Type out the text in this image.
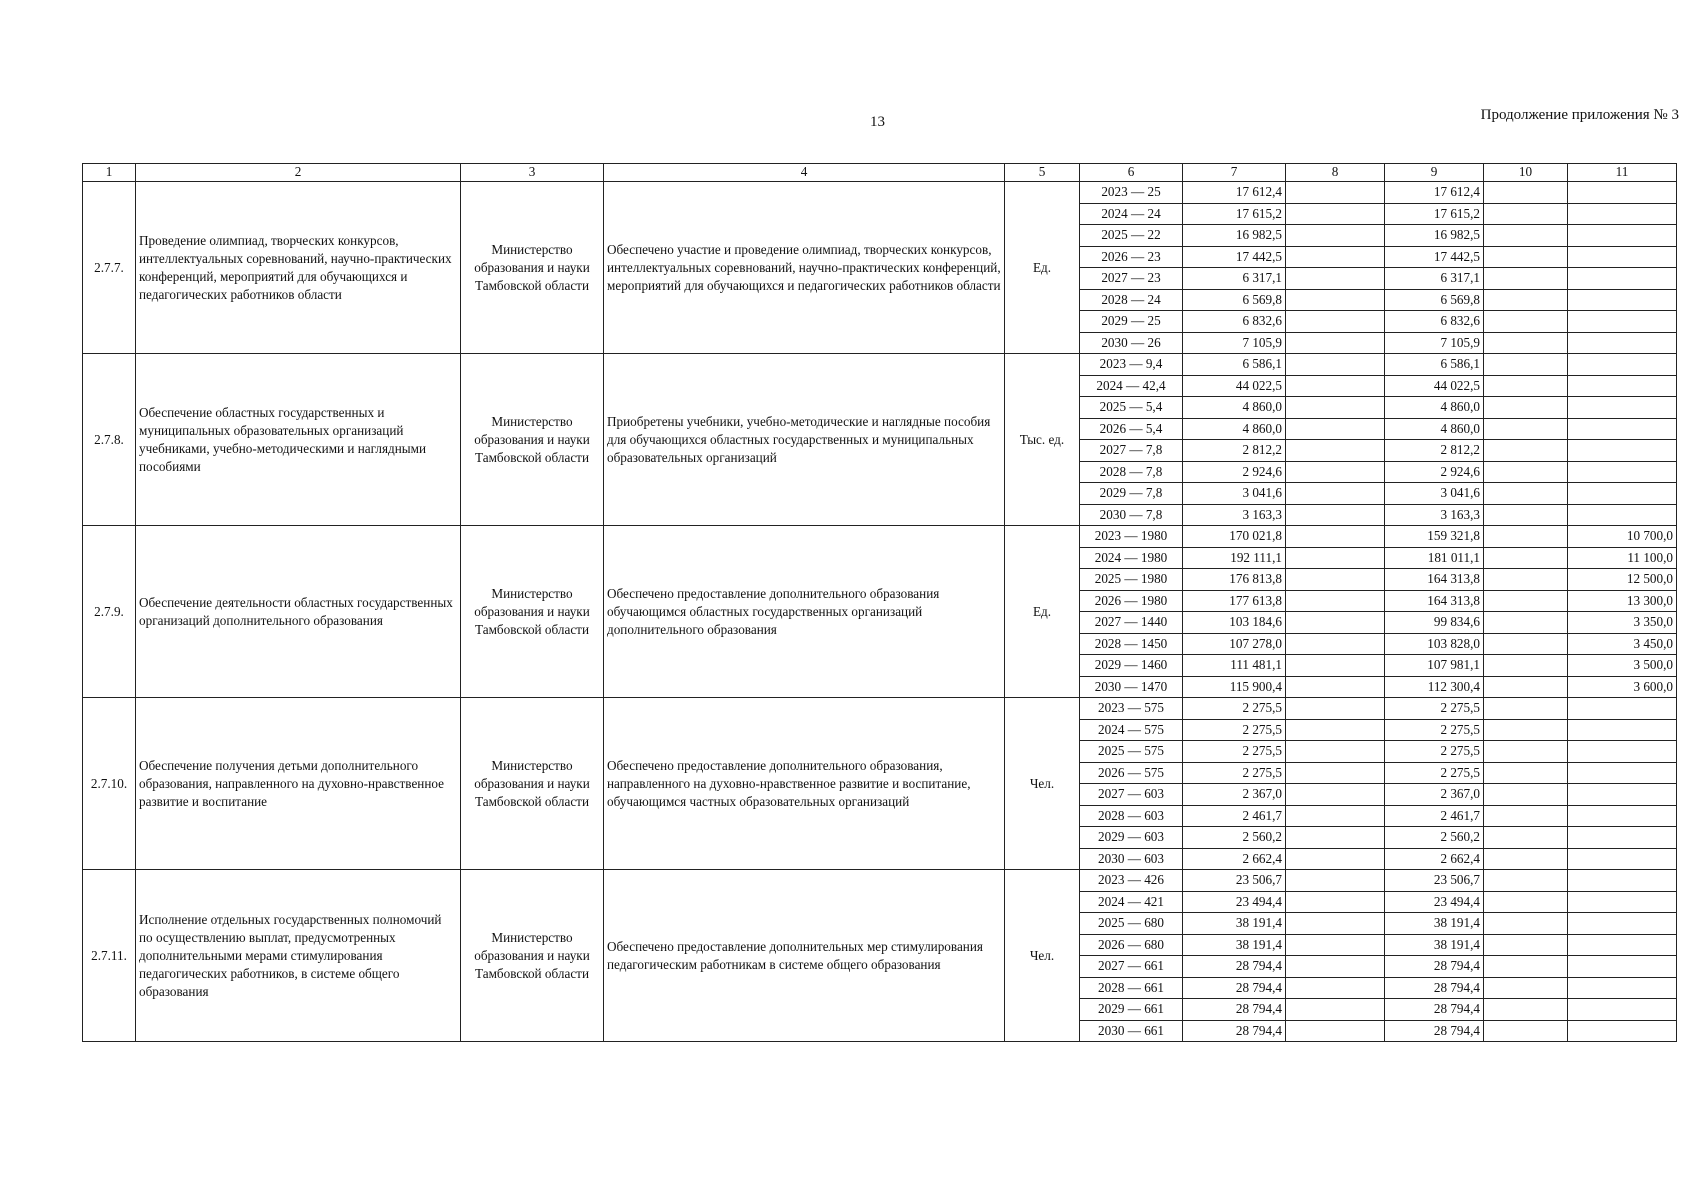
13	Продолжение приложения № 3
1	2	3	4	5	6	7	8	9	10	11
2.7.7.	Проведение олимпиад, творческих конкурсов, интеллектуальных соревнований, научно-практических конференций, мероприятий для обучающихся и педагогических работников области	Министерство образования и науки Тамбовской области	Обеспечено участие и проведение олимпиад, творческих конкурсов, интеллектуальных соревнований, научно-практических конференций, мероприятий для обучающихся и педагогических работников области	Ед.	2023 — 25	17 612,4		17 612,4		
					2024 — 24	17 615,2		17 615,2		
					2025 — 22	16 982,5		16 982,5		
					2026 — 23	17 442,5		17 442,5		
					2027 — 23	6 317,1		6 317,1		
					2028 — 24	6 569,8		6 569,8		
					2029 — 25	6 832,6		6 832,6		
					2030 — 26	7 105,9		7 105,9		
2.7.8.	Обеспечение областных государственных и муниципальных образовательных организаций учебниками, учебно-методическими и наглядными пособиями	Министерство образования и науки Тамбовской области	Приобретены учебники, учебно-методические и наглядные пособия для обучающихся областных государственных и муниципальных образовательных организаций	Тыс. ед.	2023 — 9,4	6 586,1		6 586,1		
					2024 — 42,4	44 022,5		44 022,5		
					2025 — 5,4	4 860,0		4 860,0		
					2026 — 5,4	4 860,0		4 860,0		
					2027 — 7,8	2 812,2		2 812,2		
					2028 — 7,8	2 924,6		2 924,6		
					2029 — 7,8	3 041,6		3 041,6		
					2030 — 7,8	3 163,3		3 163,3		
2.7.9.	Обеспечение деятельности областных государственных организаций дополнительного образования	Министерство образования и науки Тамбовской области	Обеспечено предоставление дополнительного образования обучающимся областных государственных организаций дополнительного образования	Ед.	2023 — 1980	170 021,8		159 321,8		10 700,0
					2024 — 1980	192 111,1		181 011,1		11 100,0
					2025 — 1980	176 813,8		164 313,8		12 500,0
					2026 — 1980	177 613,8		164 313,8		13 300,0
					2027 — 1440	103 184,6		99 834,6		3 350,0
					2028 — 1450	107 278,0		103 828,0		3 450,0
					2029 — 1460	111 481,1		107 981,1		3 500,0
					2030 — 1470	115 900,4		112 300,4		3 600,0
2.7.10.	Обеспечение получения детьми дополнительного образования, направленного на духовно-нравственное развитие и воспитание	Министерство образования и науки Тамбовской области	Обеспечено предоставление дополнительного образования, направленного на духовно-нравственное развитие и воспитание, обучающимся частных образовательных организаций	Чел.	2023 — 575	2 275,5		2 275,5		
					2024 — 575	2 275,5		2 275,5		
					2025 — 575	2 275,5		2 275,5		
					2026 — 575	2 275,5		2 275,5		
					2027 — 603	2 367,0		2 367,0		
					2028 — 603	2 461,7		2 461,7		
					2029 — 603	2 560,2		2 560,2		
					2030 — 603	2 662,4		2 662,4		
2.7.11.	Исполнение отдельных государственных полномочий по осуществлению выплат, предусмотренных дополнительными мерами стимулирования педагогических работников, в системе общего образования	Министерство образования и науки Тамбовской области	Обеспечено предоставление дополнительных мер стимулирования педагогическим работникам в системе общего образования	Чел.	2023 — 426	23 506,7		23 506,7		
					2024 — 421	23 494,4		23 494,4		
					2025 — 680	38 191,4		38 191,4		
					2026 — 680	38 191,4		38 191,4		
					2027 — 661	28 794,4		28 794,4		
					2028 — 661	28 794,4		28 794,4		
					2029 — 661	28 794,4		28 794,4		
					2030 — 661	28 794,4		28 794,4		
